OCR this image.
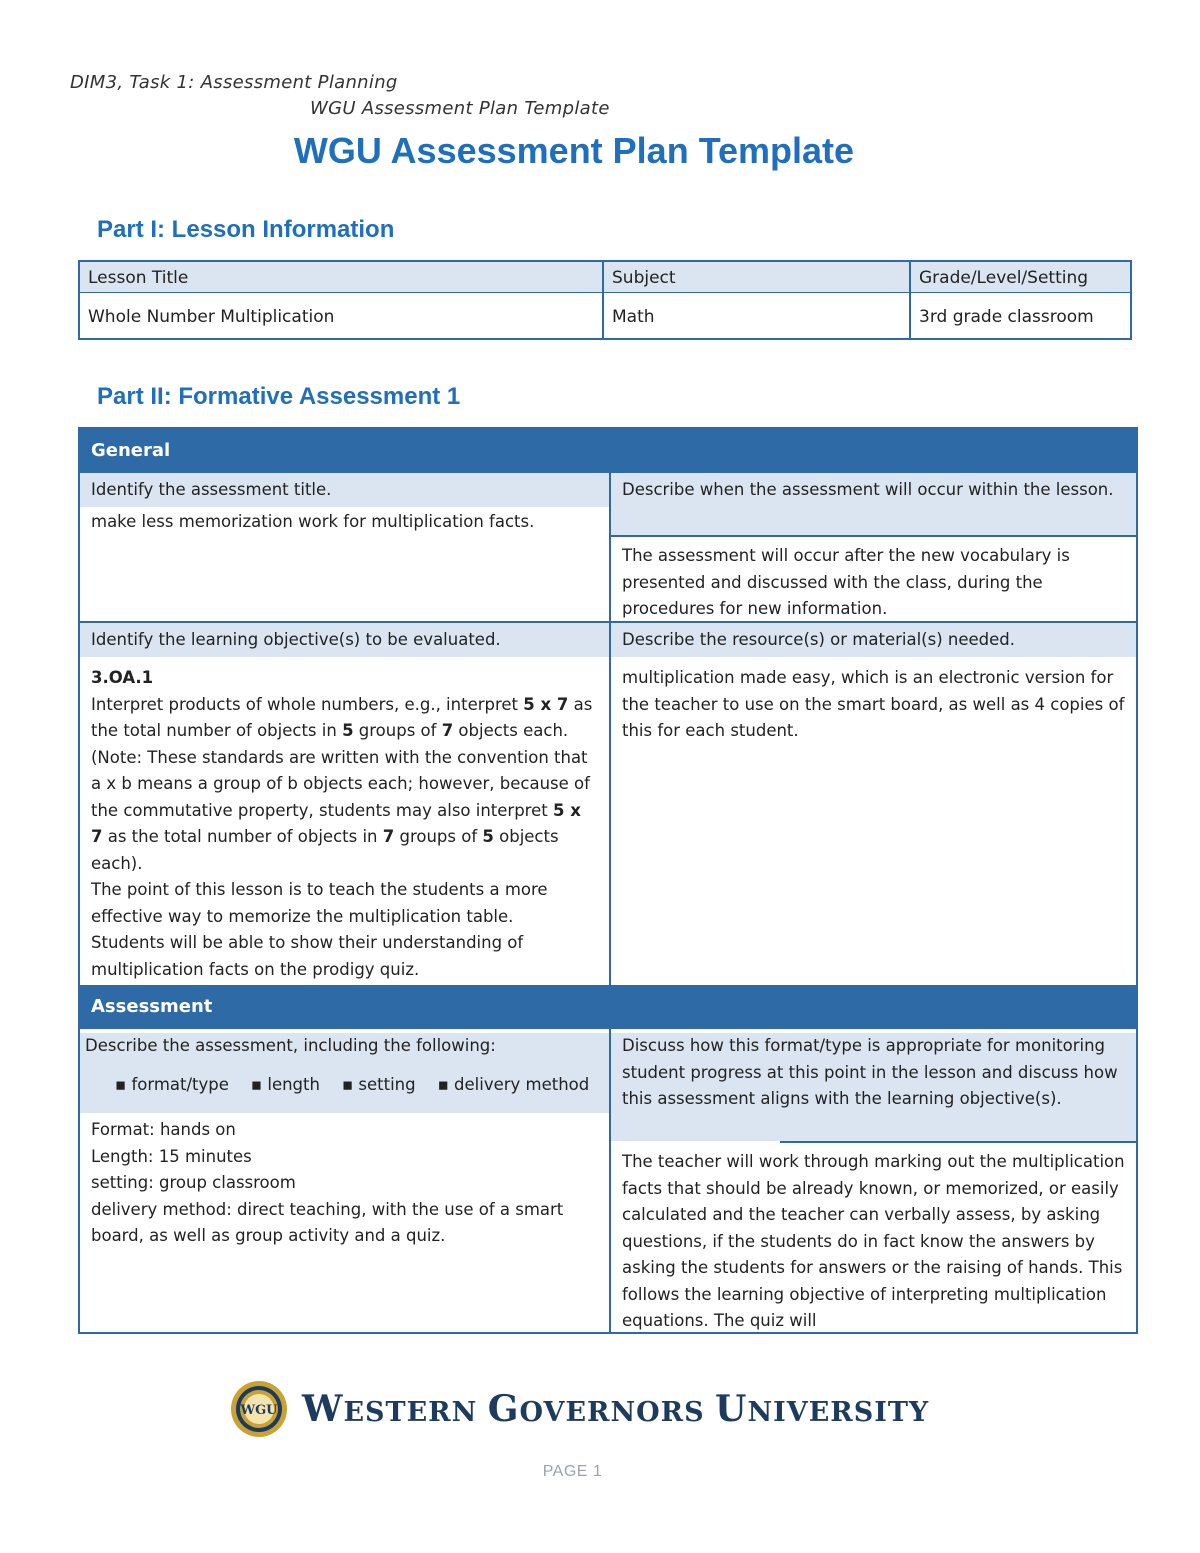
DIM3, Task 1: Assessment Planning
WGU Assessment Plan Template
WGU Assessment Plan Template
Part I: Lesson Information
Lesson Title	Subject	Grade/Level/Setting
Whole Number Multiplication	Math	3rd grade classroom
Part II: Formative Assessment 1
General
Identify the assessment title.
make less memorization work for multiplication facts.
Describe when the assessment will occur within the lesson.
The assessment will occur after the new vocabulary is presented and discussed with the class, during the procedures for new information.
Identify the learning objective(s) to be evaluated.	Describe the resource(s) or material(s) needed.
3.OA.1
Interpret products of whole numbers, e.g., interpret 5 x 7 as the total number of objects in 5 groups of 7 objects each. (Note: These standards are written with the convention that a x b means a group of b objects each; however, because of the commutative property, students may also interpret 5 x 7 as the total number of objects in 7 groups of 5 objects each).
The point of this lesson is to teach the students a more effective way to memorize the multiplication table.
Students will be able to show their understanding of multiplication facts on the prodigy quiz.
multiplication made easy, which is an electronic version for the teacher to use on the smart board, as well as 4 copies of this for each student.
Assessment
Describe the assessment, including the following:
▪ format/type ▪ length ▪ setting ▪ delivery method
Format: hands on
Length: 15 minutes
setting: group classroom
delivery method: direct teaching, with the use of a smart board, as well as group activity and a quiz.
Discuss how this format/type is appropriate for monitoring student progress at this point in the lesson and discuss how this assessment aligns with the learning objective(s).
The teacher will work through marking out the multiplication facts that should be already known, or memorized, or easily calculated and the teacher can verbally assess, by asking questions, if the students do in fact know the answers by asking the students for answers or the raising of hands. This follows the learning objective of interpreting multiplication equations. The quiz will
WGU WESTERN GOVERNORS UNIVERSITY
PAGE 1
